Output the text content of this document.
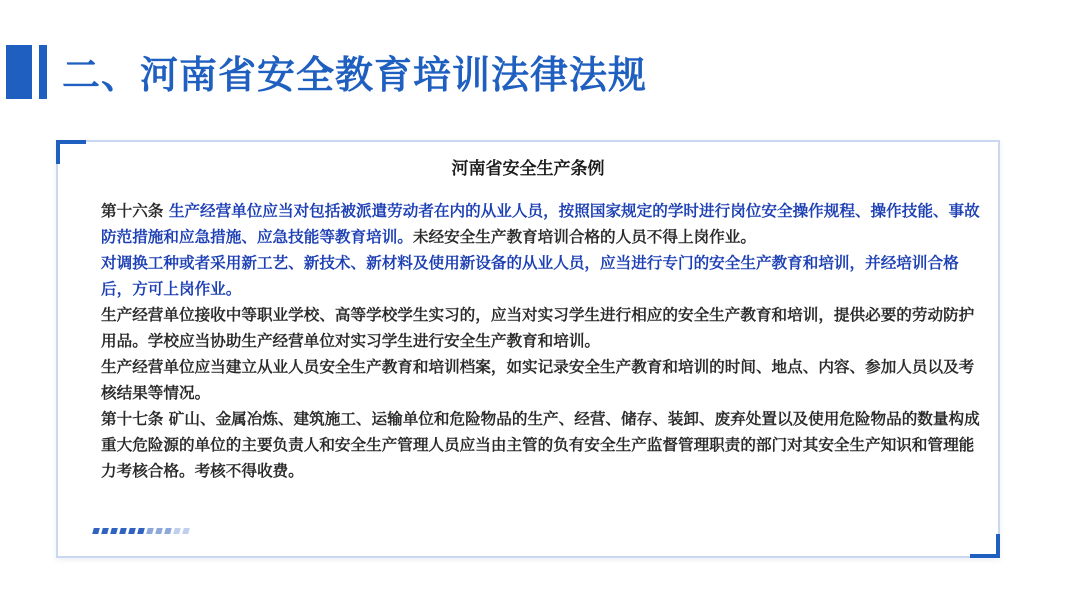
二、河南省安全教育培训法律法规
河南省安全生产条例

第十六条 生产经营单位应当对包括被派遣劳动者在内的从业人员，按照国家规定的学时进行岗位安全操作规程、操作技能、事故防范措施和应急措施、应急技能等教育培训。未经安全生产教育培训合格的人员不得上岗作业。

对调换工种或者采用新工艺、新技术、新材料及使用新设备的从业人员，应当进行专门的安全生产教育和培训，并经培训合格后，方可上岗作业。

生产经营单位接收中等职业学校、高等学校学生实习的，应当对实习学生进行相应的安全生产教育和培训，提供必要的劳动防护用品。学校应当协助生产经营单位对实习学生进行安全生产教育和培训。

生产经营单位应当建立从业人员安全生产教育和培训档案，如实记录安全生产教育和培训的时间、地点、内容、参加人员以及考核结果等情况。

第十七条 矿山、金属冶炼、建筑施工、运输单位和危险物品的生产、经营、储存、装卸、废弃处置以及使用危险物品的数量构成重大危险源的单位的主要负责人和安全生产管理人员应当由主管的负有安全生产监督管理职责的部门对其安全生产知识和管理能力考核合格。考核不得收费。
